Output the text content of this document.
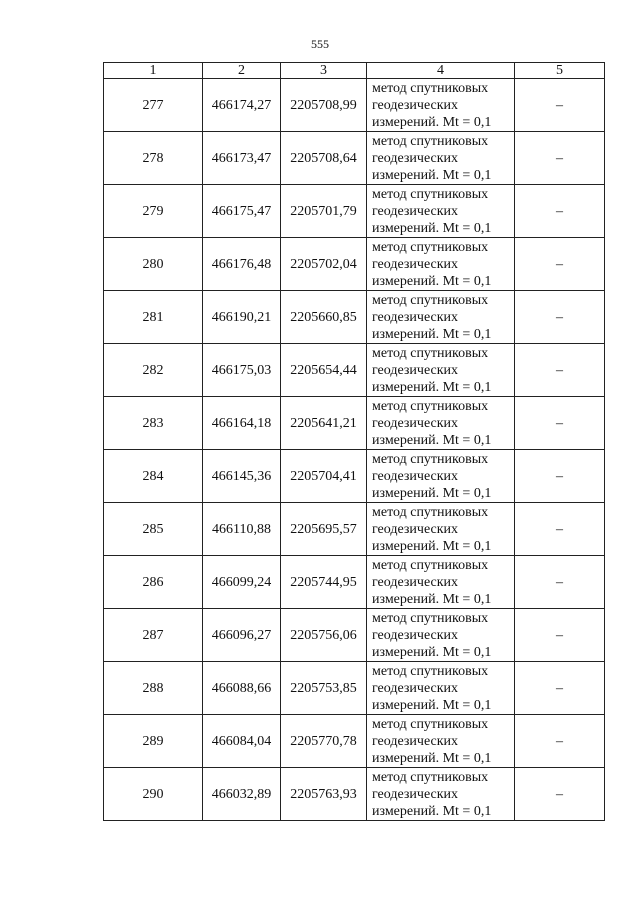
555
1	2	3	4	5
277	466174,27	2205708,99	метод спутниковых
геодезических
измерений. Mt = 0,1	–
278	466173,47	2205708,64	метод спутниковых
геодезических
измерений. Mt = 0,1	–
279	466175,47	2205701,79	метод спутниковых
геодезических
измерений. Mt = 0,1	–
280	466176,48	2205702,04	метод спутниковых
геодезических
измерений. Mt = 0,1	–
281	466190,21	2205660,85	метод спутниковых
геодезических
измерений. Mt = 0,1	–
282	466175,03	2205654,44	метод спутниковых
геодезических
измерений. Mt = 0,1	–
283	466164,18	2205641,21	метод спутниковых
геодезических
измерений. Mt = 0,1	–
284	466145,36	2205704,41	метод спутниковых
геодезических
измерений. Mt = 0,1	–
285	466110,88	2205695,57	метод спутниковых
геодезических
измерений. Mt = 0,1	–
286	466099,24	2205744,95	метод спутниковых
геодезических
измерений. Mt = 0,1	–
287	466096,27	2205756,06	метод спутниковых
геодезических
измерений. Mt = 0,1	–
288	466088,66	2205753,85	метод спутниковых
геодезических
измерений. Mt = 0,1	–
289	466084,04	2205770,78	метод спутниковых
геодезических
измерений. Mt = 0,1	–
290	466032,89	2205763,93	метод спутниковых
геодезических
измерений. Mt = 0,1	–
